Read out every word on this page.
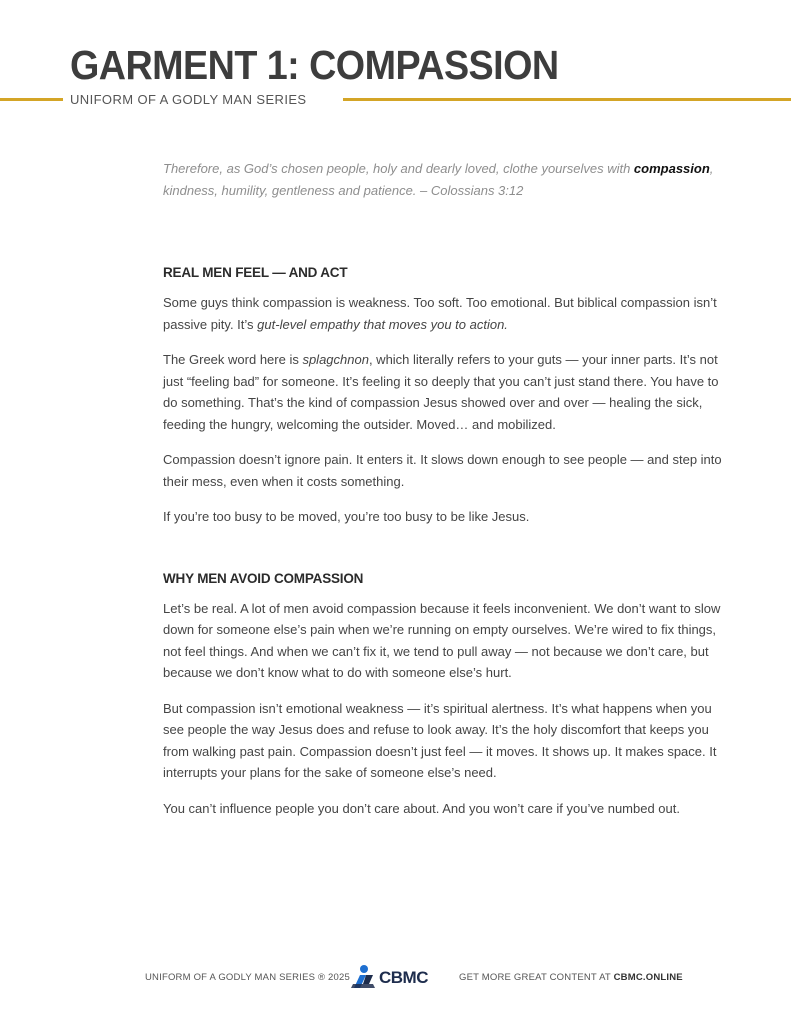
GARMENT 1: COMPASSION
UNIFORM OF A GODLY MAN SERIES

Therefore, as God’s chosen people, holy and dearly loved, clothe yourselves with compassion, kindness, humility, gentleness and patience. – Colossians 3:12

REAL MEN FEEL — AND ACT

Some guys think compassion is weakness. Too soft. Too emotional. But biblical compassion isn’t passive pity. It’s gut-level empathy that moves you to action.

The Greek word here is splagchnon, which literally refers to your guts — your inner parts. It’s not just “feeling bad” for someone. It’s feeling it so deeply that you can’t just stand there. You have to do something. That’s the kind of compassion Jesus showed over and over — healing the sick, feeding the hungry, welcoming the outsider. Moved… and mobilized.

Compassion doesn’t ignore pain. It enters it. It slows down enough to see people — and step into their mess, even when it costs something.

If you’re too busy to be moved, you’re too busy to be like Jesus.

WHY MEN AVOID COMPASSION

Let’s be real. A lot of men avoid compassion because it feels inconvenient. We don’t want to slow down for someone else’s pain when we’re running on empty ourselves. We’re wired to fix things, not feel things. And when we can’t fix it, we tend to pull away — not because we don’t care, but because we don’t know what to do with someone else’s hurt.

But compassion isn’t emotional weakness — it’s spiritual alertness. It’s what happens when you see people the way Jesus does and refuse to look away. It’s the holy discomfort that keeps you from walking past pain. Compassion doesn’t just feel — it moves. It shows up. It makes space. It interrupts your plans for the sake of someone else’s need.

You can’t influence people you don’t care about. And you won’t care if you’ve numbed out.

UNIFORM OF A GODLY MAN SERIES ® 2025 CBMC	GET MORE GREAT CONTENT AT CBMC.ONLINE
